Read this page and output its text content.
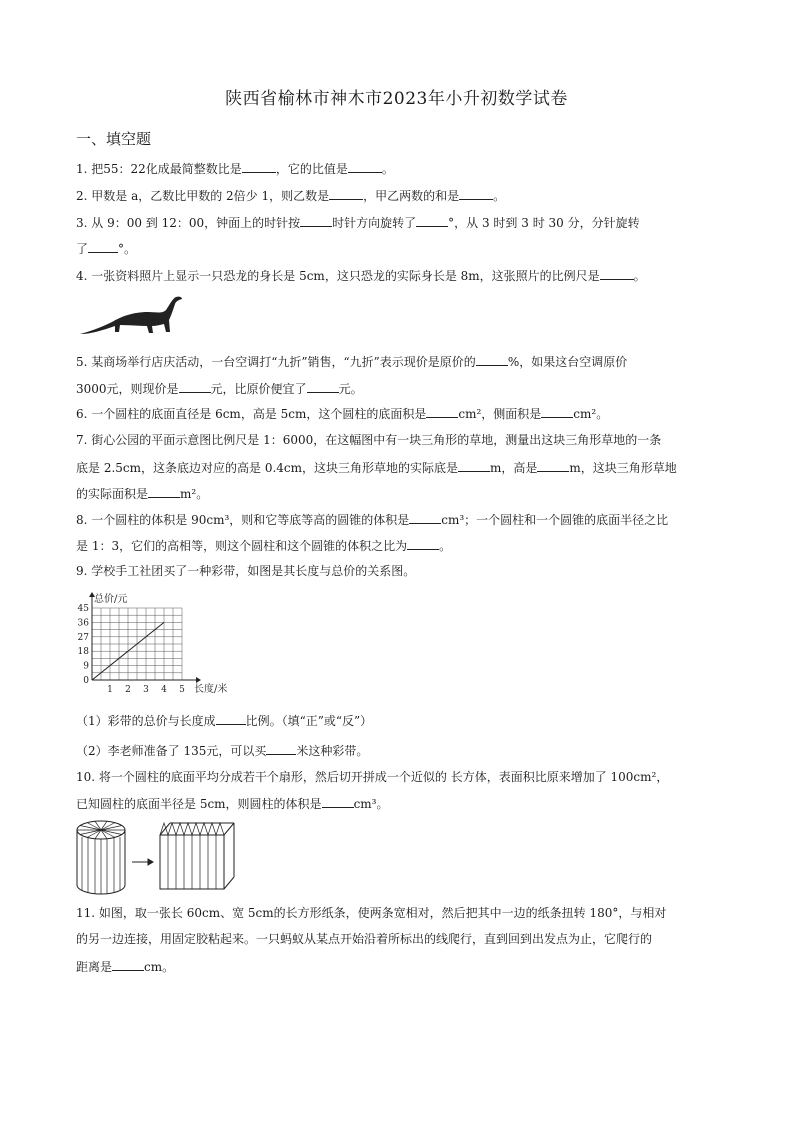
陕西省榆林市神木市2023年小升初数学试卷
一、填空题
1. 把55：22化成最简整数比是	，它的比值是	。
2. 甲数是 a，乙数比甲数的 2倍少 1，则乙数是	，甲乙两数的和是	。
3. 从 9：00 到 12：00，钟面上的时针按	时针方向旋转了	°，从 3 时到 3 时 30 分，分针旋转
了	°。
4. 一张资料照片上显示一只恐龙的身长是 5cm，这只恐龙的实际身长是 8m，这张照片的比例尺是	。
5. 某商场举行店庆活动，一台空调打“九折”销售，“九折”表示现价是原价的	%，如果这台空调原价
3000元，则现价是	元，比原价便宜了	元。
6. 一个圆柱的底面直径是 6cm，高是 5cm，这个圆柱的底面积是	cm²，侧面积是	cm²。
7. 街心公园的平面示意图比例尺是 1：6000，在这幅图中有一块三角形的草地，测量出这块三角形草地的一条
底是 2.5cm，这条底边对应的高是 0.4cm，这块三角形草地的实际底是	m，高是	m，这块三角形草地
的实际面积是	m²。
8. 一个圆柱的体积是 90cm³，则和它等底等高的圆锥的体积是	cm³；一个圆柱和一个圆锥的底面半径之比
是 1：3，它们的高相等，则这个圆柱和这个圆锥的体积之比为	。
9. 学校手工社团买了一种彩带，如图是其长度与总价的关系图。
1 2 3 4 5
0
9
18
27
36
45
总价/元
长度/米
（1）彩带的总价与长度成	比例。（填“正”或“反”）
（2）李老师准备了 135元，可以买	米这种彩带。
10. 将一个圆柱的底面平均分成若干个扇形，然后切开拼成一个近似的 长方体，表面积比原来增加了 100cm²，
已知圆柱的底面半径是 5cm，则圆柱的体积是	cm³。
11. 如图，取一张长 60cm、宽 5cm的长方形纸条，使两条宽相对，然后把其中一边的纸条扭转 180°，与相对
的另一边连接，用固定胶粘起来。一只蚂蚁从某点开始沿着所标出的线爬行，直到回到出发点为止，它爬行的
距离是	cm。
